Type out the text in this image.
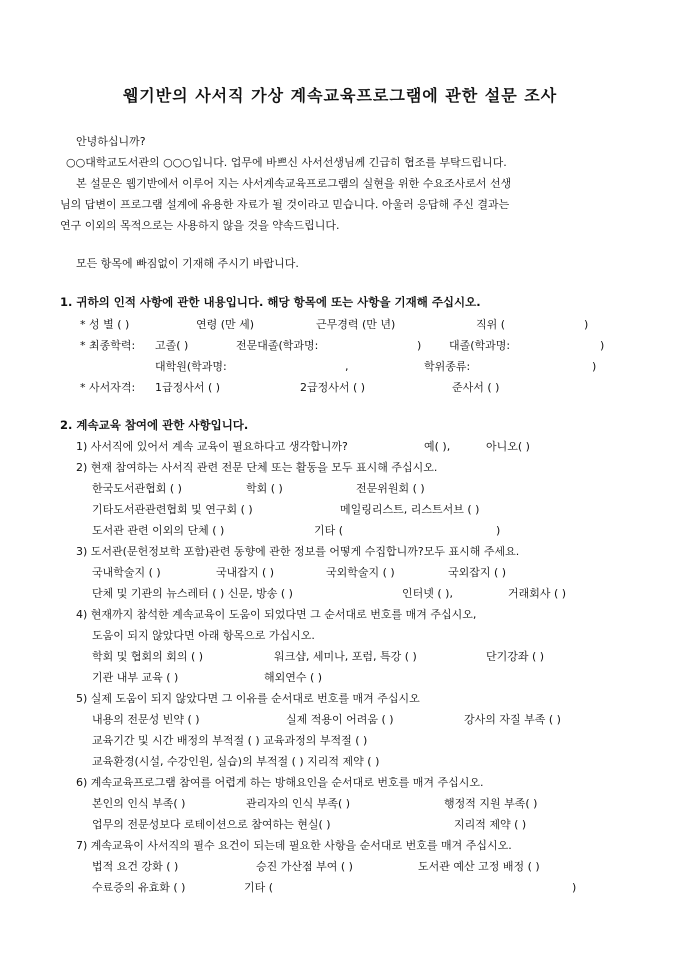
웹기반의 사서직 가상 계속교육프로그램에 관한 설문 조사
안녕하십니까?
○○대학교도서관의 ○○○입니다. 업무에 바쁘신 사서선생님께 긴급히 협조를 부탁드립니다.
본 설문은 웹기반에서 이루어 지는 사서계속교육프로그램의 실현을 위한 수요조사로서 선생
님의 답변이 프로그램 설계에 유용한 자료가 될 것이라고 믿습니다. 아울러 응답해 주신 결과는
연구 이외의 목적으로는 사용하지 않을 것을 약속드립니다.
모든 항목에 빠짐없이 기재해 주시기 바랍니다.
1. 귀하의 인적 사항에 관한 내용입니다. 해당 항목에 또는 사항을 기재해 주십시오.
* 성 별 ( )	연령 (만 세)	근무경력 (만 년)	직위 (	)
* 최종학력: 고졸( )	전문대졸(학과명:	)	대졸(학과명:	)
대학원(학과명:	,	학위종류:	)
* 사서자격: 1급정사서 ( )	2급정사서 ( )	준사서 ( )
2. 계속교육 참여에 관한 사항입니다.
1) 사서직에 있어서 계속 교육이 필요하다고 생각합니까?	예( ),	아니오( )
2) 현재 참여하는 사서직 관련 전문 단체 또는 활동을 모두 표시해 주십시오.
한국도서관협회 ( )	학회 ( )	전문위원회 ( )
기타도서관관련협회 및 연구회 ( )	메일링리스트, 리스트서브 ( )
도서관 관련 이외의 단체 ( )	기타 (	)
3) 도서관(문헌정보학 포함)관련 동향에 관한 정보를 어떻게 수집합니까?모두 표시해 주세요.
국내학술지 ( )	국내잡지 ( )	국외학술지 ( )	국외잡지 ( )
단체 및 기관의 뉴스레터 ( ) 신문, 방송 ( )	인터넷 ( ),	거래회사 ( )
4) 현재까지 참석한 계속교육이 도움이 되었다면 그 순서대로 번호를 매겨 주십시오,
도움이 되지 않았다면 아래 항목으로 가십시오.
학회 및 협회의 회의 ( )	워크샵, 세미나, 포럼, 특강 ( )	단기강좌 ( )
기관 내부 교육 ( )	해외연수 ( )
5) 실제 도움이 되지 않았다면 그 이유를 순서대로 번호를 매겨 주십시오
내용의 전문성 빈약 ( )	실제 적용이 어려움 ( )	강사의 자질 부족 ( )
교육기간 및 시간 배정의 부적절 ( ) 교육과정의 부적절 ( )
교육환경(시설, 수강인원, 실습)의 부적절 ( ) 지리적 제약 ( )
6) 계속교육프로그램 참여를 어렵게 하는 방해요인을 순서대로 번호를 매겨 주십시오.
본인의 인식 부족( )	관리자의 인식 부족( )	행정적 지원 부족( )
업무의 전문성보다 로테이션으로 참여하는 현실( )	지리적 제약 ( )
7) 계속교육이 사서직의 필수 요건이 되는데 필요한 사항을 순서대로 번호를 매겨 주십시오.
법적 요건 강화 ( )	승진 가산점 부여 ( )	도서관 예산 고정 배정 ( )
수료증의 유효화 ( )	기타 (	)
